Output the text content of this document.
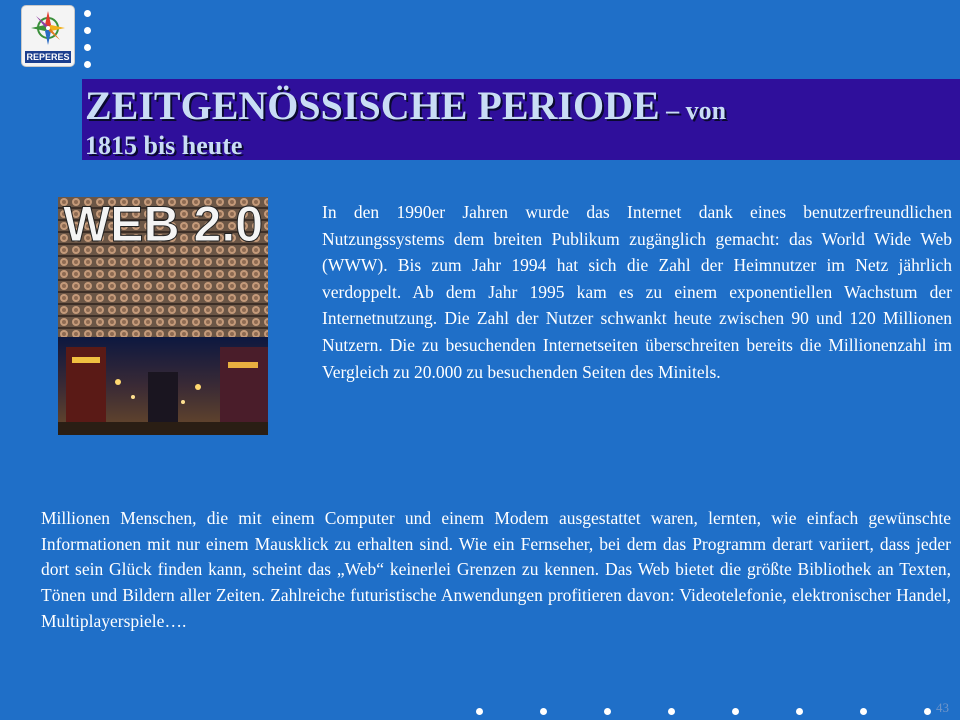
REPERES
ZEITGENÖSSISCHE PERIODE – von
1815 bis heute
WEB 2.0	In den 1990er Jahren wurde das Internet dank eines benutzerfreundlichen Nutzungssystems dem breiten Publikum zugänglich gemacht: das World Wide Web (WWW). Bis zum Jahr 1994 hat sich die Zahl der Heimnutzer im Netz jährlich verdoppelt. Ab dem Jahr 1995 kam es zu einem exponentiellen Wachstum der Internetnutzung. Die Zahl der Nutzer schwankt heute zwischen 90 und 120 Millionen Nutzern. Die zu besuchenden Internetseiten überschreiten bereits die Millionenzahl im Vergleich zu 20.000 zu besuchenden Seiten des Minitels.

Millionen Menschen, die mit einem Computer und einem Modem ausgestattet waren, lernten, wie einfach gewünschte Informationen mit nur einem Mausklick zu erhalten sind. Wie ein Fernseher, bei dem das Programm derart variiert, dass jeder dort sein Glück finden kann, scheint das „Web“ keinerlei Grenzen zu kennen. Das Web bietet die größte Bibliothek an Texten, Tönen und Bildern aller Zeiten. Zahlreiche futuristische Anwendungen profitieren davon: Videotelefonie, elektronischer Handel, Multiplayerspiele….

43
